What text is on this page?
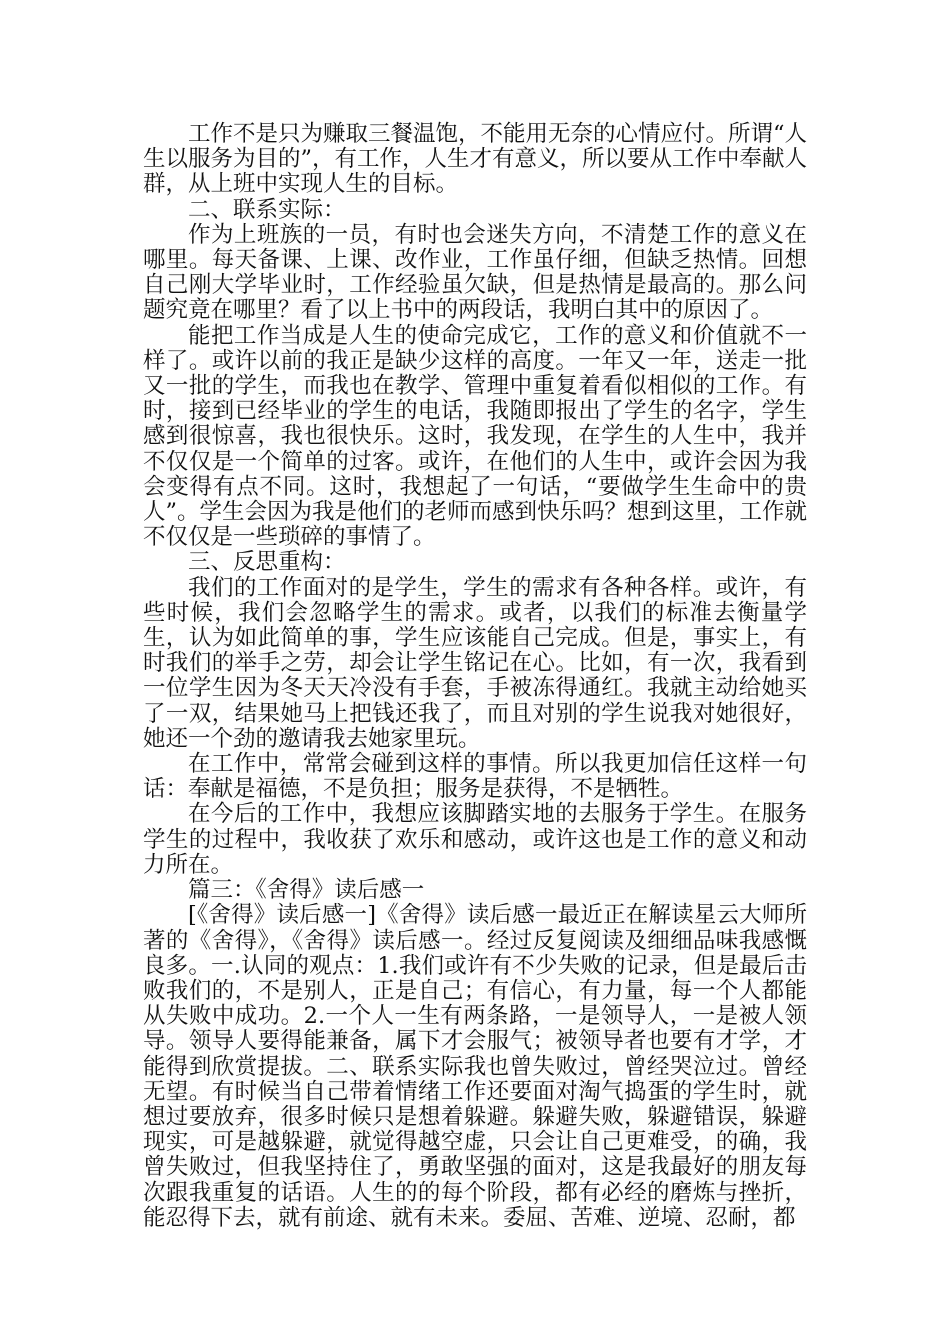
工作不是只为赚取三餐温饱，不能用无奈的心情应付。所谓“人生以服务为目的”，有工作，人生才有意义，所以要从工作中奉献人群，从上班中实现人生的目标。

二、联系实际：

作为上班族的一员，有时也会迷失方向，不清楚工作的意义在哪里。每天备课、上课、改作业，工作虽仔细，但缺乏热情。回想自己刚大学毕业时，工作经验虽欠缺，但是热情是最高的。那么问题究竟在哪里？看了以上书中的两段话，我明白其中的原因了。

能把工作当成是人生的使命完成它，工作的意义和价值就不一样了。或许以前的我正是缺少这样的高度。一年又一年，送走一批又一批的学生，而我也在教学、管理中重复着看似相似的工作。有时，接到已经毕业的学生的电话，我随即报出了学生的名字，学生感到很惊喜，我也很快乐。这时，我发现，在学生的人生中，我并不仅仅是一个简单的过客。或许，在他们的人生中，或许会因为我会变得有点不同。这时，我想起了一句话，“要做学生生命中的贵人”。学生会因为我是他们的老师而感到快乐吗？想到这里，工作就不仅仅是一些琐碎的事情了。

三、反思重构：

我们的工作面对的是学生，学生的需求有各种各样。或许，有些时候，我们会忽略学生的需求。或者，以我们的标准去衡量学生，认为如此简单的事，学生应该能自己完成。但是，事实上，有时我们的举手之劳，却会让学生铭记在心。比如，有一次，我看到一位学生因为冬天天冷没有手套，手被冻得通红。我就主动给她买了一双，结果她马上把钱还我了，而且对别的学生说我对她很好，她还一个劲的邀请我去她家里玩。

在工作中，常常会碰到这样的事情。所以我更加信任这样一句话：奉献是福德，不是负担；服务是获得，不是牺牲。

在今后的工作中，我想应该脚踏实地的去服务于学生。在服务学生的过程中，我收获了欢乐和感动，或许这也是工作的意义和动力所在。

篇三：《舍得》读后感一

[《舍得》读后感一]《舍得》读后感一最近正在解读星云大师所著的《舍得》，《舍得》读后感一。经过反复阅读及细细品味我感慨良多。一.认同的观点：1.我们或许有不少失败的记录，但是最后击败我们的，不是别人，正是自己；有信心，有力量，每一个人都能从失败中成功。2.一个人一生有两条路，一是领导人，一是被人领导。领导人要得能兼备，属下才会服气；被领导者也要有才学，才能得到欣赏提拔。二、联系实际我也曾失败过，曾经哭泣过。曾经无望。有时候当自己带着情绪工作还要面对淘气捣蛋的学生时，就想过要放弃，很多时候只是想着躲避。躲避失败，躲避错误，躲避现实，可是越躲避，就觉得越空虚，只会让自己更难受，的确，我曾失败过，但我坚持住了，勇敢坚强的面对，这是我最好的朋友每次跟我重复的话语。人生的的每个阶段，都有必经的磨炼与挫折，能忍得下去，就有前途、就有未来。委屈、苦难、逆境、忍耐，都
